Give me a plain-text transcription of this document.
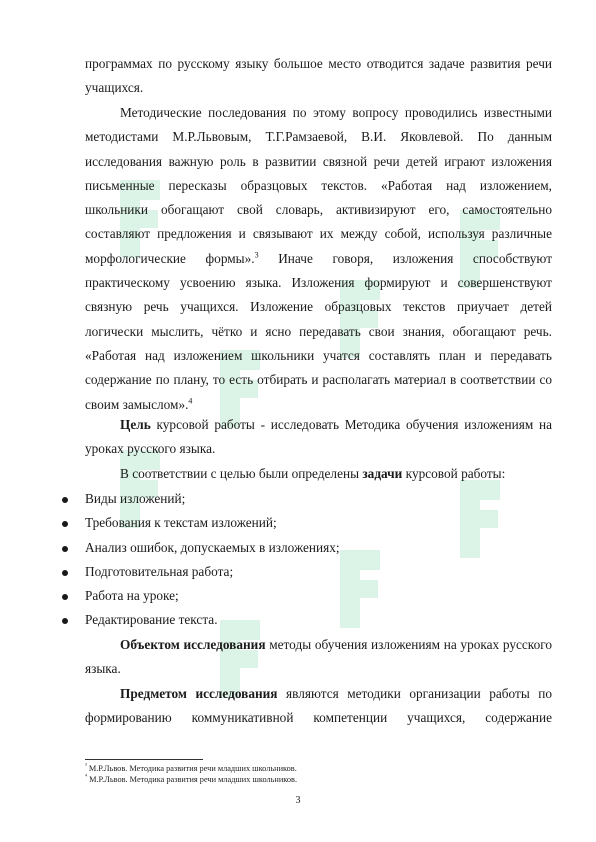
программах по русскому языку большое место отводится задаче развития речи учащихся.

Методические последования по этому вопросу проводились известными методистами М.Р.Львовым, Т.Г.Рамзаевой, В.И. Яковлевой. По данным исследования важную роль в развитии связной речи детей играют изложения письменные пересказы образцовых текстов. «Работая над изложением, школьники обогащают свой словарь, активизируют его, самостоятельно составляют предложения и связывают их между собой, используя различные морфологические формы».$^3$ Иначе говоря, изложения способствуют практическому усвоению языка. Изложения формируют и совершенствуют связную речь учащихся. Изложение образцовых текстов приучает детей логически мыслить, чётко и ясно передавать свои знания, обогащают речь. «Работая над изложением школьники учатся составлять план и передавать содержание по плану, то есть отбирать и располагать материал в соответствии со своим замыслом».$^4$

Цель курсовой работы - исследовать Методика обучения изложениям на уроках русского языка.

В соответствии с целью были определены задачи курсовой работы:

Виды изложений;
Требования к текстам изложений;
Анализ ошибок, допускаемых в изложениях;
Подготовительная работа;
Работа на уроке;
Редактирование текста.

Объектом исследования методы обучения изложениям на уроках русского языка.

Предметом исследования являются методики организации работы по формированию коммуникативной компетенции учащихся, содержание

$^{^3}$ М.Р.Львов. Методика развития речи младших школьников.
$^{^4}$ М.Р.Львов. Методика развития речи младших школьников.
3
